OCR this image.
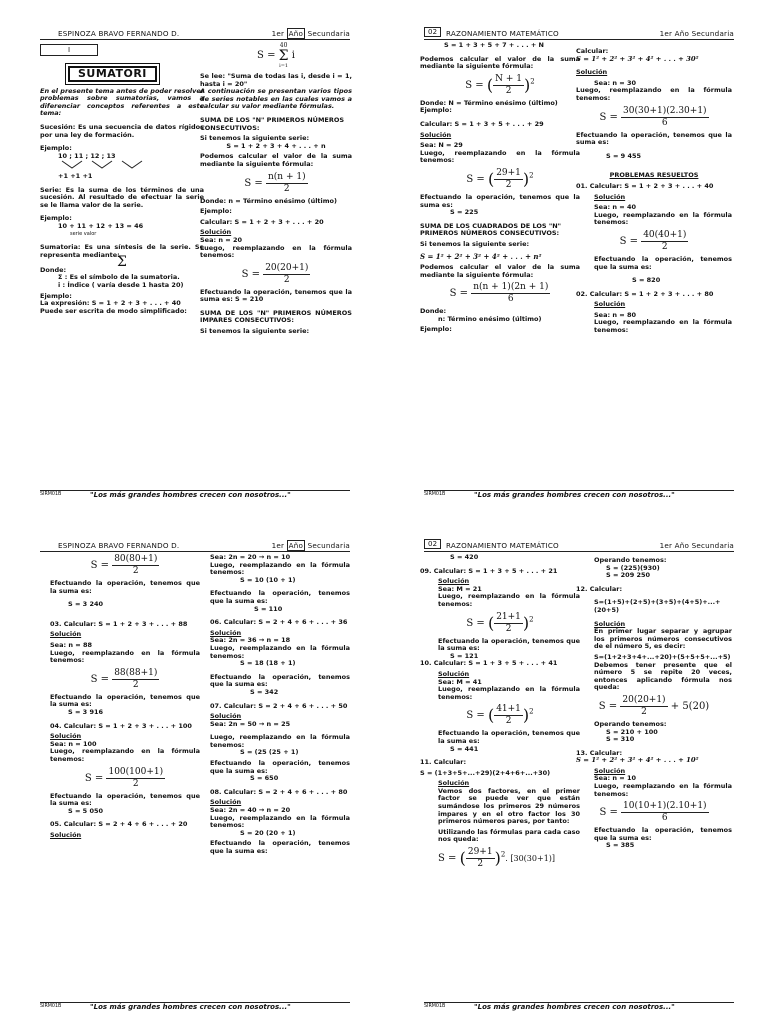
ESPINOZA BRAVO FERNANDO D.	1er Año Secundaria
I
SUMATORI

En el presente tema antes de poder resolver problemas sobre sumatorias, vamos a diferenciar conceptos referentes a este tema:

Sucesión: Es una secuencia de datos rígidos por una ley de formación.

Ejemplo:

10 ; 11 ; 12 ; 13

+1 +1 +1

Serie: Es la suma de los términos de una sucesión. Al resultado de efectuar la serie se le llama valor de la serie.

Ejemplo:

10 + 11 + 12 + 13 = 46

serie valor

Sumatoria: Es una síntesis de la serie. Se representa mediante:

Σ

Donde:

Σ : Es el símbolo de la sumatoria.

i : Índice ( varía desde 1 hasta 20)

Ejemplo:

La expresión: S = 1 + 2 + 3 + . . . + 40

Puede ser escrita de modo simplificado:

S =
40
Σ
i=1
i

Se lee: "Suma de todas las i, desde i = 1, hasta i = 20"

A continuación se presentan varios tipos de series notables en las cuales vamos a calcular su valor mediante fórmulas.

SUMA DE LOS "N" PRIMEROS NÚMEROS CONSECUTIVOS:

Si tenemos la siguiente serie:

S = 1 + 2 + 3 + 4 + . . . + n

Podemos calcular el valor de la suma mediante la siguiente fórmula:

$S = \frac{n(n + 1)}{2}$

Donde: n = Término enésimo (último)

Ejemplo:

Calcular: S = 1 + 2 + 3 + . . . + 20

Solución

Sea: n = 20

Luego, reemplazando en la fórmula tenemos:

$S = \frac{20(20+1)}{2}$

Efectuando la operación, tenemos que la suma es: S = 210

SUMA DE LOS "N" PRIMEROS NÚMEROS IMPARES CONSECUTIVOS:

Si tenemos la siguiente serie:

SIRM01B	"Los más grandes hombres crecen con nosotros..."
02	RAZONAMIENTO MATEMÁTICO	1er Año Secundaria

S = 1 + 3 + 5 + 7 + . . . + N

Podemos calcular el valor de la suma mediante la siguiente fórmula:

S = ( $\frac{N + 1}{2} )^2$

Donde: N = Término enésimo (último)

Ejemplo:

Calcular: S = 1 + 3 + 5 + . . . + 29

Solución

Sea: N = 29

Luego, reemplazando en la fórmula tenemos:

S = ( $\frac{29+1}{2} )^2$

Efectuando la operación, tenemos que la suma es:

S = 225

SUMA DE LOS CUADRADOS DE LOS "N" PRIMEROS NÚMEROS CONSECUTIVOS:

Si tenemos la siguiente serie:

S = 1² + 2² + 3² + 4² + . . . + n²

Podemos calcular el valor de la suma mediante la siguiente fórmula:

$S = \frac{n(n + 1)(2n + 1)}{6}$

Donde:

n: Término enésimo (último)

Ejemplo:

Calcular:

S = 1² + 2² + 3² + 4² + . . . + 30²

Solución

Sea: n = 30

Luego, reemplazando en la fórmula tenemos:

$S = \frac{30(30+1)(2.30+1)}{6}$

Efectuando la operación, tenemos que la suma es:

S = 9 455

PROBLEMAS RESUELTOS

01. Calcular: S = 1 + 2 + 3 + . . . + 40

Solución

Sea: n = 40

Luego, reemplazando en la fórmula tenemos:

$S = \frac{40(40+1)}{2}$

Efectuando la operación, tenemos que la suma es:

S = 820

02. Calcular: S = 1 + 2 + 3 + . . . + 80

Solución

Sea: n = 80

Luego, reemplazando en la fórmula tenemos:

SIRM01B	"Los más grandes hombres crecen con nosotros..."
ESPINOZA BRAVO FERNANDO D.	1er Año Secundaria
$S = \frac{80(80+1)}{2}$

Efectuando la operación, tenemos que la suma es:

S = 3 240

03. Calcular: S = 1 + 2 + 3 + . . . + 88

Solución

Sea: n = 88

Luego, reemplazando en la fórmula tenemos:

$S = \frac{88(88+1)}{2}$

Efectuando la operación, tenemos que la suma es:

S = 3 916

04. Calcular: S = 1 + 2 + 3 + . . . + 100

Solución

Sea: n = 100

Luego, reemplazando en la fórmula tenemos:

$S = \frac{100(100+1)}{2}$

Efectuando la operación, tenemos que la suma es:

S = 5 050

05. Calcular: S = 2 + 4 + 6 + . . . + 20

Solución

Sea: 2n = 20 → n = 10

Luego, reemplazando en la fórmula tenemos:

S = 10 (10 + 1)

Efectuando la operación, tenemos que la suma es:

S = 110

06. Calcular: S = 2 + 4 + 6 + . . . + 36

Solución

Sea: 2n = 36 → n = 18

Luego, reemplazando en la fórmula tenemos:

S = 18 (18 + 1)

Efectuando la operación, tenemos que la suma es:

S = 342

07. Calcular: S = 2 + 4 + 6 + . . . + 50

Solución

Sea: 2n = 50 → n = 25

Luego, reemplazando en la fórmula tenemos:

S = (25 (25 + 1)

Efectuando la operación, tenemos que la suma es:

S = 650

08. Calcular: S = 2 + 4 + 6 + . . . + 80

Solución

Sea: 2n = 40 → n = 20

Luego, reemplazando en la fórmula tenemos:

S = 20 (20 + 1)

Efectuando la operación, tenemos que la suma es:

SIRM01B	"Los más grandes hombres crecen con nosotros..."
02	RAZONAMIENTO MATEMÁTICO	1er Año Secundaria

S = 420

09. Calcular: S = 1 + 3 + 5 + . . . + 21

Solución

Sea: M = 21

Luego, reemplazando en la fórmula tenemos:

S = ( $\frac{21+1}{2} )^2$

Efectuando la operación, tenemos que la suma es:

S = 121

10. Calcular: S = 1 + 3 + 5 + . . . + 41

Solución

Sea: M = 41

Luego, reemplazando en la fórmula tenemos:

S = ( $\frac{41+1}{2} )^2$

Efectuando la operación, tenemos que la suma es:

S = 441

11. Calcular:

S = (1+3+5+...+29)(2+4+6+...+30)

Solución

Vemos dos factores, en el primer factor se puede ver que están sumándose los primeros 29 números impares y en el otro factor los 30 primeros números pares, por tanto:

Utilizando las fórmulas para cada caso nos queda:

S = ( $\frac{29+1}{2} )^2$. [30(30+1)]

Operando tenemos:

S = (225)(930)

S = 209 250

12. Calcular:

S=(1+5)+(2+5)+(3+5)+(4+5)+...+(20+5)

Solución

En primer lugar separar y agrupar los primeros números consecutivos de el número 5, es decir:

S=(1+2+3+4+...+20)+(5+5+5+...+5)

Debemos tener presente que el número 5 se repite 20 veces, entonces aplicando fórmula nos queda:

$S = \frac{20(20+1)}{2} + 5(20)$

Operando tenemos:

S = 210 + 100

S = 310

13. Calcular:

S = 1² + 2² + 3² + 4² + . . . + 10²

Solución

Sea: n = 10

Luego, reemplazando en la fórmula tenemos:

$S = \frac{10(10+1)(2.10+1)}{6}$

Efectuando la operación, tenemos que la suma es:

S = 385

SIRM01B	"Los más grandes hombres crecen con nosotros..."
